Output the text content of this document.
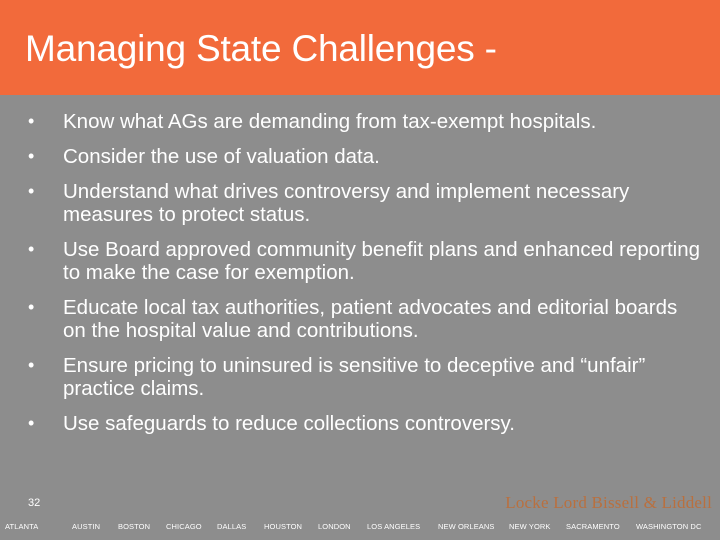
Managing State Challenges -
• Know what AGs are demanding from tax-exempt hospitals.
• Consider the use of valuation data.
• Understand what drives controversy and implement necessary measures to protect status.
• Use Board approved community benefit plans and enhanced reporting to make the case for exemption.
• Educate local tax authorities, patient advocates and editorial boards on the hospital value and contributions.
• Ensure pricing to uninsured is sensitive to deceptive and “unfair” practice claims.
• Use safeguards to reduce collections controversy.
32	Locke Lord Bissell & Liddell
ATLANTA	AUSTIN BOSTON CHICAGO DALLAS HOUSTON LONDON LOS ANGELES NEW ORLEANS NEW YORK SACRAMENTO WASHINGTON DC
